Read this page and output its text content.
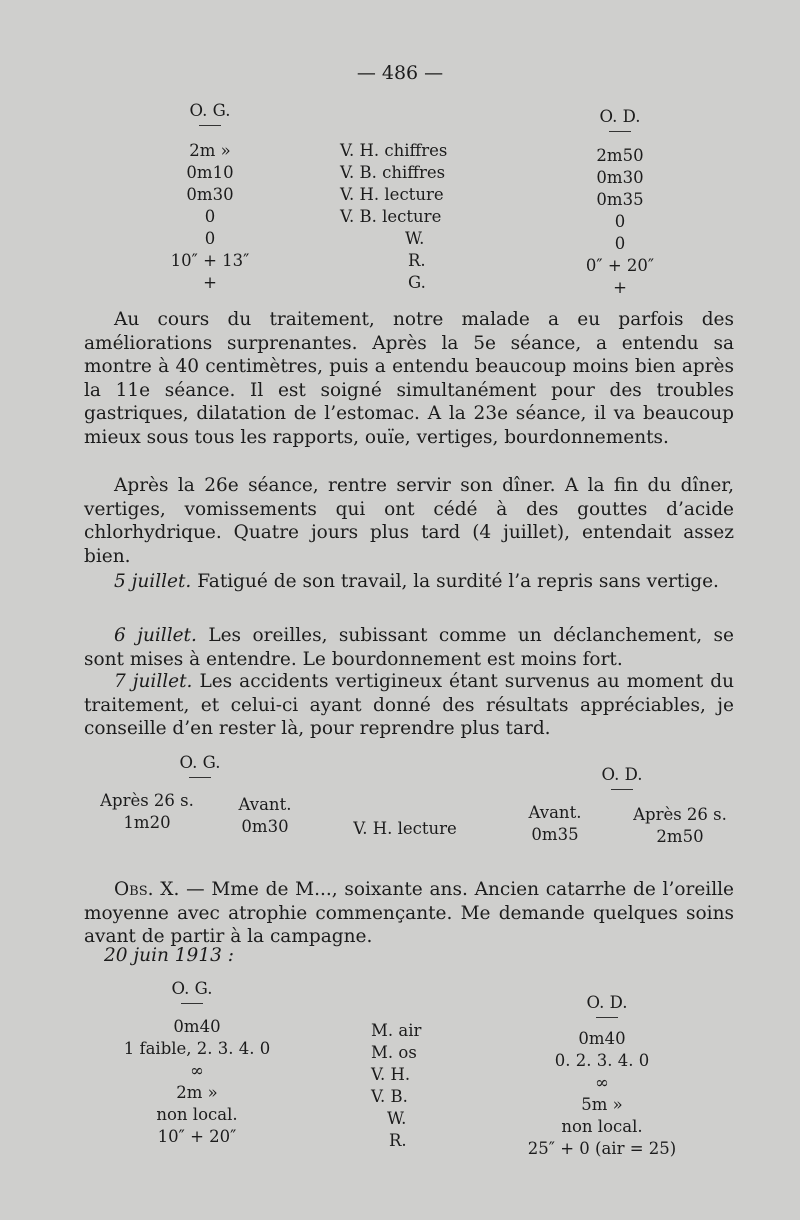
— 486 —
O. G.	O. D.
2m »
0m10
0m30
0
0
10″ + 13″
+
V. H. chiffres
V. B. chiffres
V. H. lecture
V. B. lecture
W.
R.
G.
2m50
0m30
0m35
0
0
0″ + 20″
+

Au cours du traitement, notre malade a eu parfois des améliorations surprenantes. Après la 5e séance, a entendu sa montre à 40 centimètres, puis a entendu beaucoup moins bien après la 11e séance. Il est soigné simultanément pour des troubles gastriques, dilatation de l’estomac. A la 23e séance, il va beaucoup mieux sous tous les rapports, ouïe, vertiges, bourdonnements.

Après la 26e séance, rentre servir son dîner. A la fin du dîner, vertiges, vomissements qui ont cédé à des gouttes d’acide chlorhydrique. Quatre jours plus tard (4 juillet), entendait assez bien.

5 juillet. Fatigué de son travail, la surdité l’a repris sans vertige.

6 juillet. Les oreilles, subissant comme un déclanchement, se sont mises à entendre. Le bourdonnement est moins fort.

7 juillet. Les accidents vertigineux étant survenus au moment du traitement, et celui-ci ayant donné des résultats appréciables, je conseille d’en rester là, pour reprendre plus tard.

O. G.
O. D.
Après 26 s.
1m20
Avant.
0m30	V. H. lecture
Avant.
0m35
Après 26 s.
2m50

Obs. X. — Mme de M..., soixante ans. Ancien catarrhe de l’oreille moyenne avec atrophie commençante. Me demande quelques soins avant de partir à la campagne.

20 juin 1913 :
O. G.
O. D.
0m40
1 faible, 2. 3. 4. 0
∞
2m »
non local.
10″ + 20″
M. air
M. os
V. H.
V. B.
W.
R.
0m40
0. 2. 3. 4. 0
∞
5m »
non local.
25″ + 0 (air = 25)
